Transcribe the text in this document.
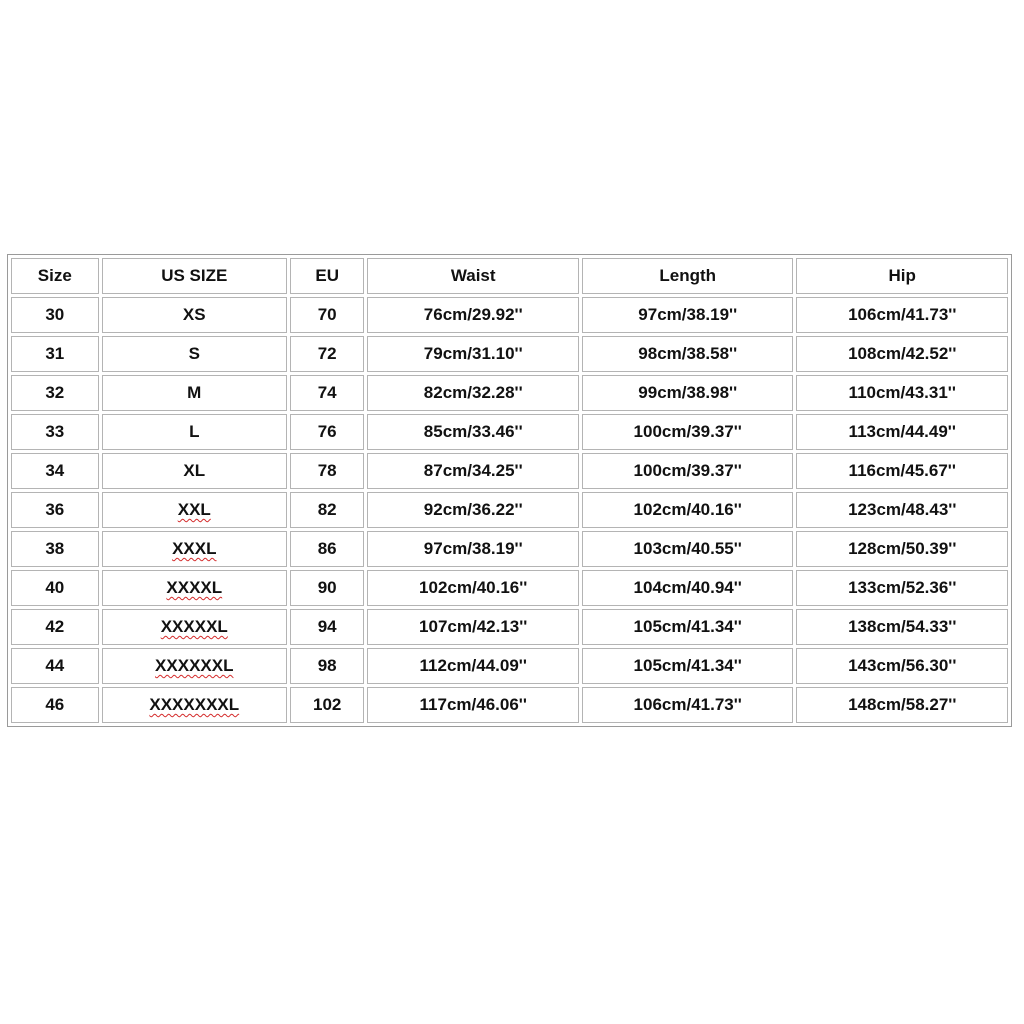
Size	US SIZE	EU	Waist	Length	Hip
30	XS	70	76cm/29.92''	97cm/38.19''	106cm/41.73''
31	S	72	79cm/31.10''	98cm/38.58''	108cm/42.52''
32	M	74	82cm/32.28''	99cm/38.98''	110cm/43.31''
33	L	76	85cm/33.46''	100cm/39.37''	113cm/44.49''
34	XL	78	87cm/34.25''	100cm/39.37''	116cm/45.67''
36	XXL	82	92cm/36.22''	102cm/40.16''	123cm/48.43''
38	XXXL	86	97cm/38.19''	103cm/40.55''	128cm/50.39''
40	XXXXL	90	102cm/40.16''	104cm/40.94''	133cm/52.36''
42	XXXXXL	94	107cm/42.13''	105cm/41.34''	138cm/54.33''
44	XXXXXXL	98	112cm/44.09''	105cm/41.34''	143cm/56.30''
46	XXXXXXXL	102	117cm/46.06''	106cm/41.73''	148cm/58.27''
